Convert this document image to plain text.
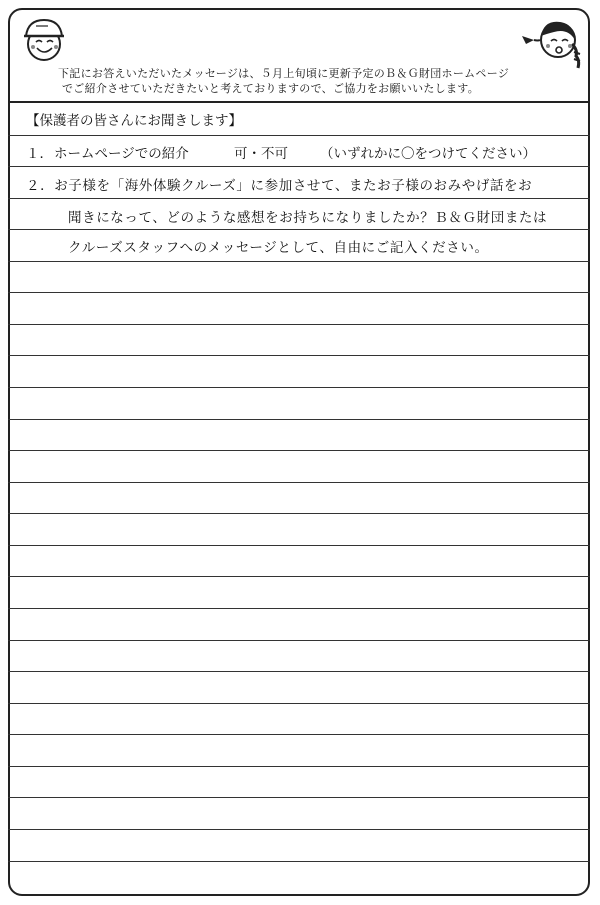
下記にお答えいただいたメッセージは、５月上旬頃に更新予定のＢ＆Ｇ財団ホームページ
でご紹介させていただきたいと考えておりますので、ご協力をお願いいたします。
【保護者の皆さんにお聞きします】
１． ホームページでの紹介	可・不可 （いずれかに〇をつけてください）
２．お子様を「海外体験クルーズ」に参加させて、またお子様のおみやげ話をお
聞きになって、どのような感想をお持ちになりましたか？Ｂ＆Ｇ財団または
クルーズスタッフへのメッセージとして、自由にご記入ください。
